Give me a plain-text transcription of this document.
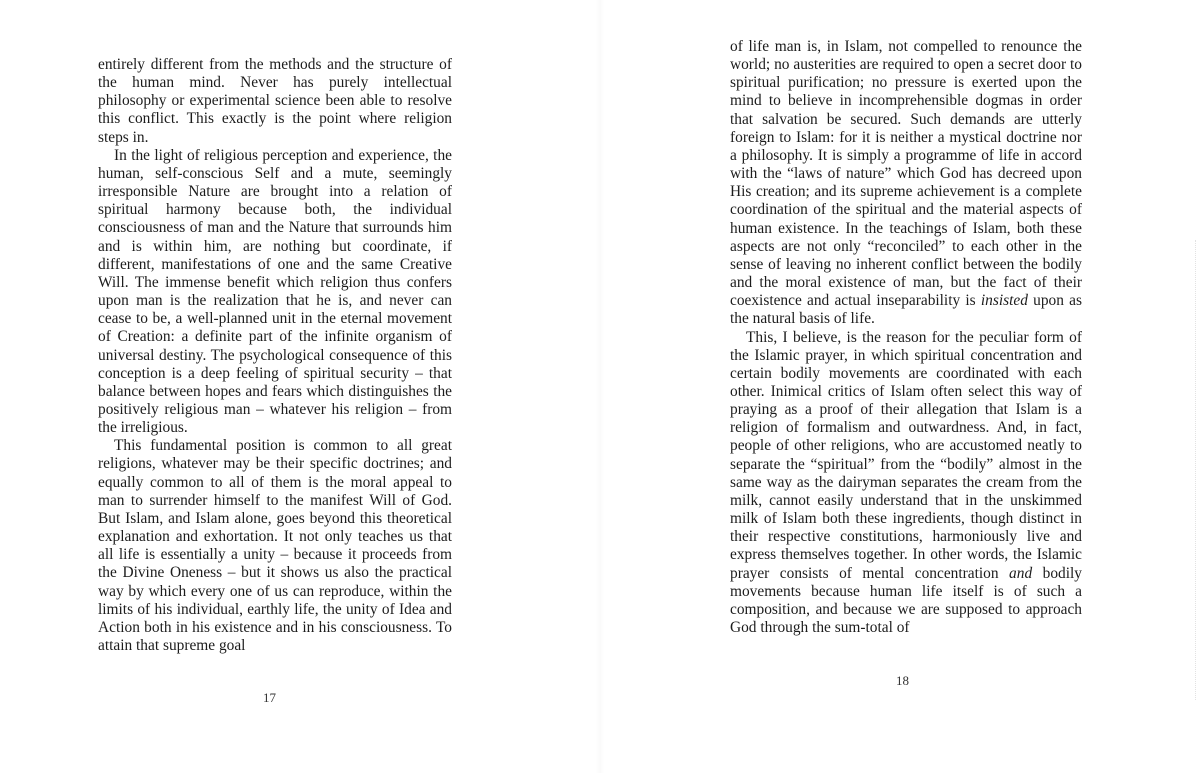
entirely different from the methods and the structure of the human mind. Never has purely intellectual philosophy or experimental science been able to resolve this conflict. This exactly is the point where religion steps in.

In the light of religious perception and experience, the human, self-conscious Self and a mute, seemingly irresponsible Nature are brought into a relation of spiritual harmony because both, the individual consciousness of man and the Nature that surrounds him and is within him, are nothing but coordinate, if different, manifestations of one and the same Creative Will. The immense benefit which religion thus confers upon man is the realization that he is, and never can cease to be, a well-planned unit in the eternal movement of Creation: a definite part of the infinite organism of universal destiny. The psychological consequence of this conception is a deep feeling of spiritual security – that balance between hopes and fears which distinguishes the positively religious man – whatever his religion – from the irreligious.

This fundamental position is common to all great religions, whatever may be their specific doctrines; and equally common to all of them is the moral appeal to man to surrender himself to the manifest Will of God. But Islam, and Islam alone, goes beyond this theoretical explanation and exhortation. It not only teaches us that all life is essentially a unity – because it proceeds from the Divine Oneness – but it shows us also the practical way by which every one of us can reproduce, within the limits of his individual, earthly life, the unity of Idea and Action both in his existence and in his consciousness. To attain that supreme goal

17

of life man is, in Islam, not compelled to renounce the world; no austerities are required to open a secret door to spiritual purification; no pressure is exerted upon the mind to believe in incomprehensible dogmas in order that salvation be secured. Such demands are utterly foreign to Islam: for it is neither a mystical doctrine nor a philosophy. It is simply a programme of life in accord with the “laws of nature” which God has decreed upon His creation; and its supreme achievement is a complete coordination of the spiritual and the material aspects of human existence. In the teachings of Islam, both these aspects are not only “reconciled” to each other in the sense of leaving no inherent conflict between the bodily and the moral existence of man, but the fact of their coexistence and actual inseparability is insisted upon as the natural basis of life.

This, I believe, is the reason for the peculiar form of the Islamic prayer, in which spiritual concentration and certain bodily movements are coordinated with each other. Inimical critics of Islam often select this way of praying as a proof of their allegation that Islam is a religion of formalism and outwardness. And, in fact, people of other religions, who are accustomed neatly to separate the “spiritual” from the “bodily” almost in the same way as the dairyman separates the cream from the milk, cannot easily understand that in the unskimmed milk of Islam both these ingredients, though distinct in their respective constitutions, harmoniously live and express themselves together. In other words, the Islamic prayer consists of mental concentration and bodily movements because human life itself is of such a composition, and because we are supposed to approach God through the sum-total of

18
